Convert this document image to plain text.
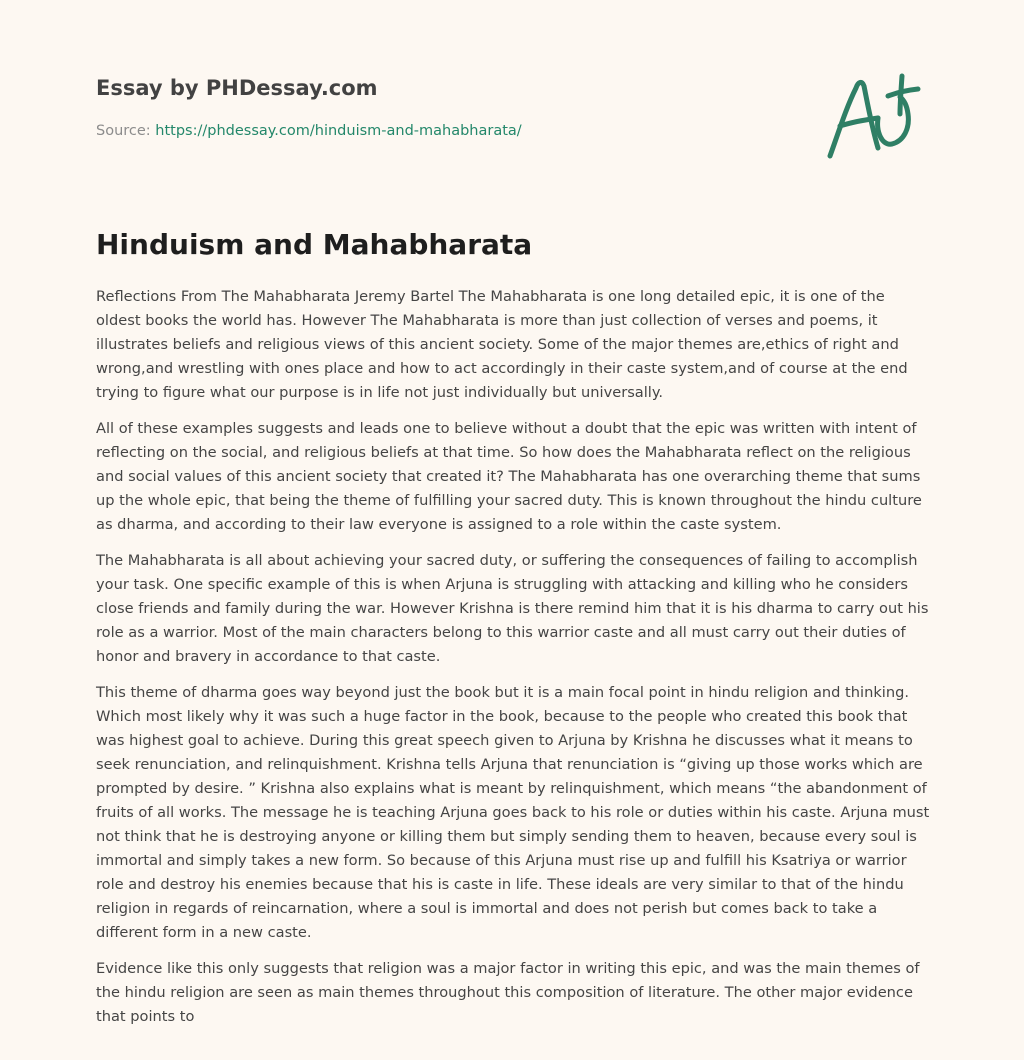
Essay by PHDessay.com
Source: https://phdessay.com/hinduism-and-mahabharata/
Hinduism and Mahabharata

Reflections From The Mahabharata Jeremy Bartel The Mahabharata is one long detailed epic, it is one of the oldest books the world has. However The Mahabharata is more than just collection of verses and poems, it illustrates beliefs and religious views of this ancient society. Some of the major themes are,ethics of right and wrong,and wrestling with ones place and how to act accordingly in their caste system,and of course at the end trying to figure what our purpose is in life not just individually but universally.

All of these examples suggests and leads one to believe without a doubt that the epic was written with intent of reflecting on the social, and religious beliefs at that time. So how does the Mahabharata reflect on the religious and social values of this ancient society that created it? The Mahabharata has one overarching theme that sums up the whole epic, that being the theme of fulfilling your sacred duty. This is known throughout the hindu culture as dharma, and according to their law everyone is assigned to a role within the caste system.

The Mahabharata is all about achieving your sacred duty, or suffering the consequences of failing to accomplish your task. One specific example of this is when Arjuna is struggling with attacking and killing who he considers close friends and family during the war. However Krishna is there remind him that it is his dharma to carry out his role as a warrior. Most of the main characters belong to this warrior caste and all must carry out their duties of honor and bravery in accordance to that caste.

This theme of dharma goes way beyond just the book but it is a main focal point in hindu religion and thinking. Which most likely why it was such a huge factor in the book, because to the people who created this book that was highest goal to achieve. During this great speech given to Arjuna by Krishna he discusses what it means to seek renunciation, and relinquishment. Krishna tells Arjuna that renunciation is “giving up those works which are prompted by desire. ” Krishna also explains what is meant by relinquishment, which means “the abandonment of fruits of all works. The message he is teaching Arjuna goes back to his role or duties within his caste. Arjuna must not think that he is destroying anyone or killing them but simply sending them to heaven, because every soul is immortal and simply takes a new form. So because of this Arjuna must rise up and fulfill his Ksatriya or warrior role and destroy his enemies because that his is caste in life. These ideals are very similar to that of the hindu religion in regards of reincarnation, where a soul is immortal and does not perish but comes back to take a different form in a new caste.

Evidence like this only suggests that religion was a major factor in writing this epic, and was the main themes of the hindu religion are seen as main themes throughout this composition of literature. The other major evidence that points to
